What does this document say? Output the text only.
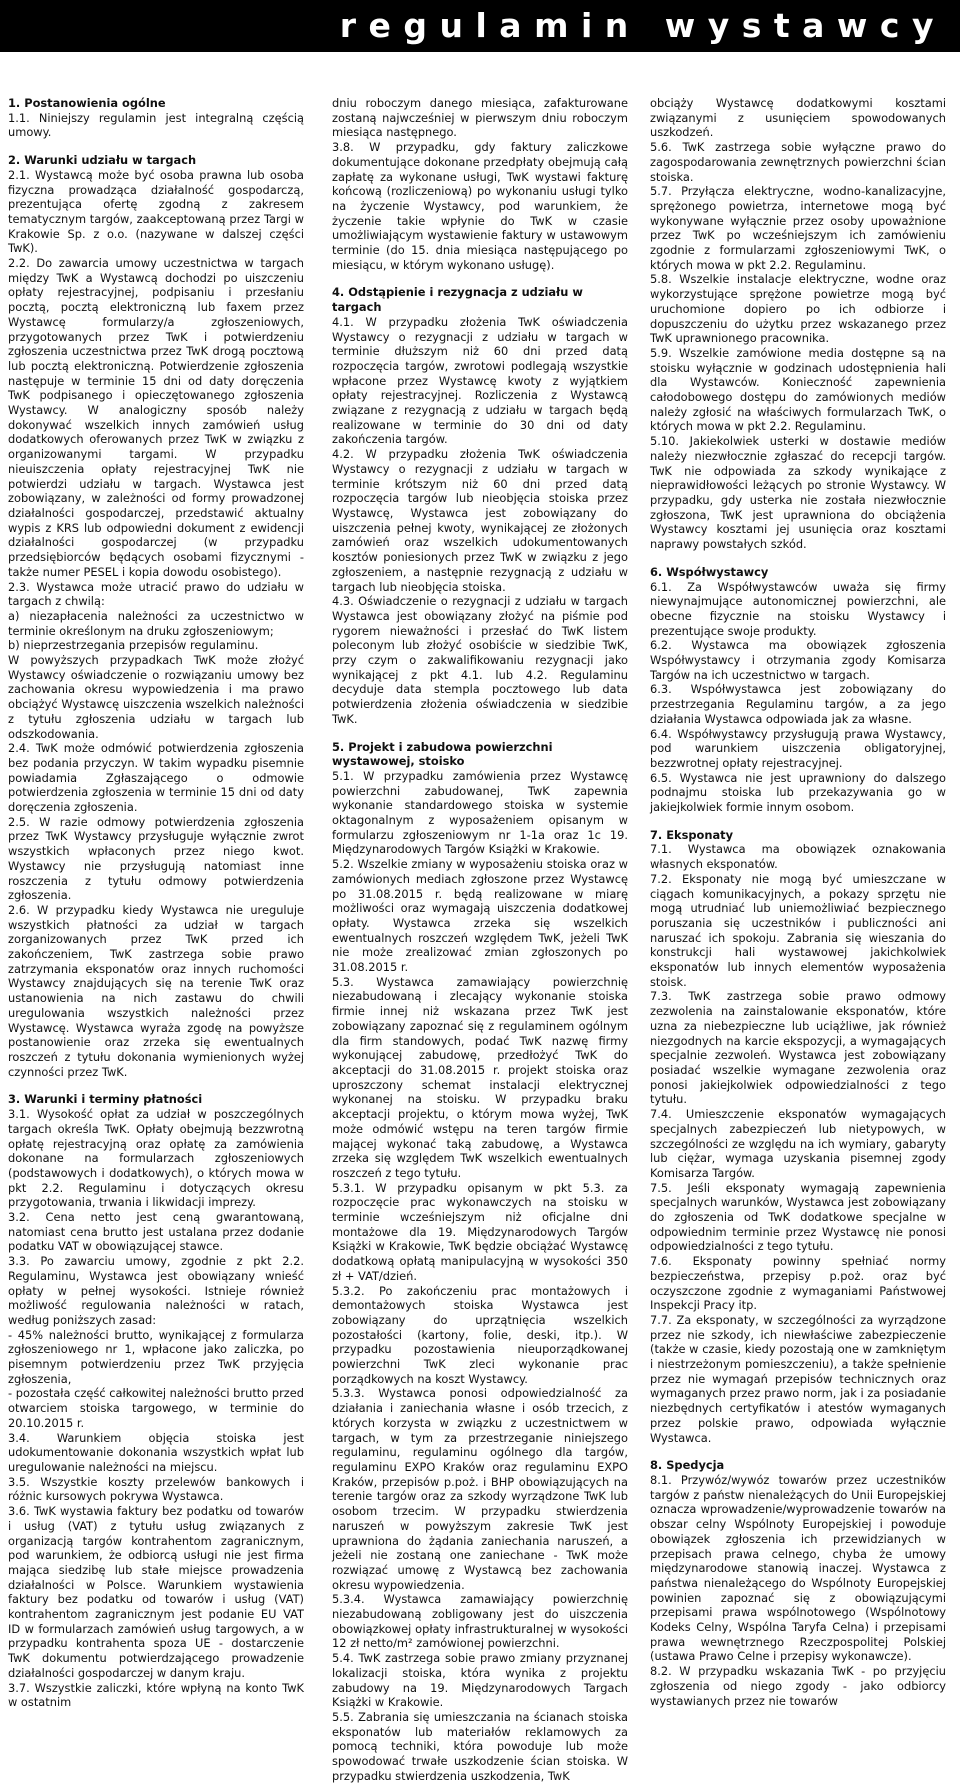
regulamin wystawcy
1. Postanowienia ogólne

1.1. Niniejszy regulamin jest integralną częścią umowy.

2. Warunki udziału w targach

2.1. Wystawcą może być osoba prawna lub osoba fizyczna prowadząca działalność gospodarczą, prezentująca ofertę zgodną z zakresem tematycznym targów, zaakceptowaną przez Targi w Krakowie Sp. z o.o. (nazywane w dalszej części TwK).

2.2. Do zawarcia umowy uczestnictwa w targach między TwK a Wystawcą dochodzi po uiszczeniu opłaty rejestracyjnej, podpisaniu i przesłaniu pocztą, pocztą elektroniczną lub faxem przez Wystawcę formularzy/a zgłoszeniowych, przygotowanych przez TwK i potwierdzeniu zgłoszenia uczestnictwa przez TwK drogą pocztową lub pocztą elektroniczną. Potwierdzenie zgłoszenia następuje w terminie 15 dni od daty doręczenia TwK podpisanego i opieczętowanego zgłoszenia Wystawcy. W analogiczny sposób należy dokonywać wszelkich innych zamówień usług dodatkowych oferowanych przez TwK w związku z organizowanymi targami. W przypadku nieuiszczenia opłaty rejestracyjnej TwK nie potwierdzi udziału w targach. Wystawca jest zobowiązany, w zależności od formy prowadzonej działalności gospodarczej, przedstawić aktualny wypis z KRS lub odpowiedni dokument z ewidencji działalności gospodarczej (w przypadku przedsiębiorców będących osobami fizycznymi - także numer PESEL i kopia dowodu osobistego).

2.3. Wystawca może utracić prawo do udziału w targach z chwilą:

a) niezapłacenia należności za uczestnictwo w terminie określonym na druku zgłoszeniowym;

b) nieprzestrzegania przepisów regulaminu.

W powyższych przypadkach TwK może złożyć Wystawcy oświadczenie o rozwiązaniu umowy bez zachowania okresu wypowiedzenia i ma prawo obciążyć Wystawcę uiszczenia wszelkich należności z tytułu zgłoszenia udziału w targach lub odszkodowania.

2.4. TwK może odmówić potwierdzenia zgłoszenia bez podania przyczyn. W takim wypadku pisemnie powiadamia Zgłaszającego o odmowie potwierdzenia zgłoszenia w terminie 15 dni od daty doręczenia zgłoszenia.

2.5. W razie odmowy potwierdzenia zgłoszenia przez TwK Wystawcy przysługuje wyłącznie zwrot wszystkich wpłaconych przez niego kwot. Wystawcy nie przysługują natomiast inne roszczenia z tytułu odmowy potwierdzenia zgłoszenia.

2.6. W przypadku kiedy Wystawca nie ureguluje wszystkich płatności za udział w targach zorganizowanych przez TwK przed ich zakończeniem, TwK zastrzega sobie prawo zatrzymania eksponatów oraz innych ruchomości Wystawcy znajdujących się na terenie TwK oraz ustanowienia na nich zastawu do chwili uregulowania wszystkich należności przez Wystawcę. Wystawca wyraża zgodę na powyższe postanowienie oraz zrzeka się ewentualnych roszczeń z tytułu dokonania wymienionych wyżej czynności przez TwK.

3. Warunki i terminy płatności

3.1. Wysokość opłat za udział w poszczególnych targach określa TwK. Opłaty obejmują bezzwrotną opłatę rejestracyjną oraz opłatę za zamówienia dokonane na formularzach zgłoszeniowych (podstawowych i dodatkowych), o których mowa w pkt 2.2. Regulaminu i dotyczących okresu przygotowania, trwania i likwidacji imprezy.

3.2. Cena netto jest ceną gwarantowaną, natomiast cena brutto jest ustalana przez dodanie podatku VAT w obowiązującej stawce.

3.3. Po zawarciu umowy, zgodnie z pkt 2.2. Regulaminu, Wystawca jest obowiązany wnieść opłaty w pełnej wysokości. Istnieje również możliwość regulowania należności w ratach, według poniższych zasad:

- 45% należności brutto, wynikającej z formularza zgłoszeniowego nr 1, wpłacone jako zaliczka, po pisemnym potwierdzeniu przez TwK przyjęcia zgłoszenia,

- pozostała część całkowitej należności brutto przed otwarciem stoiska targowego, w terminie do 20.10.2015 r.

3.4. Warunkiem objęcia stoiska jest udokumentowanie dokonania wszystkich wpłat lub uregulowanie należności na miejscu.

3.5. Wszystkie koszty przelewów bankowych i różnic kursowych pokrywa Wystawca.

3.6. TwK wystawia faktury bez podatku od towarów i usług (VAT) z tytułu usług związanych z organizacją targów kontrahentom zagranicznym, pod warunkiem, że odbiorcą usługi nie jest firma mająca siedzibę lub stałe miejsce prowadzenia działalności w Polsce. Warunkiem wystawienia faktury bez podatku od towarów i usług (VAT) kontrahentom zagranicznym jest podanie EU VAT ID w formularzach zamówień usług targowych, a w przypadku kontrahenta spoza UE - dostarczenie TwK dokumentu potwierdzającego prowadzenie działalności gospodarczej w danym kraju.

3.7. Wszystkie zaliczki, które wpłyną na konto TwK w ostatnim

dniu roboczym danego miesiąca, zafakturowane zostaną najwcześniej w pierwszym dniu roboczym miesiąca następnego.

3.8. W przypadku, gdy faktury zaliczkowe dokumentujące dokonane przedpłaty obejmują całą zapłatę za wykonane usługi, TwK wystawi fakturę końcową (rozliczeniową) po wykonaniu usługi tylko na życzenie Wystawcy, pod warunkiem, że życzenie takie wpłynie do TwK w czasie umożliwiającym wystawienie faktury w ustawowym terminie (do 15. dnia miesiąca następującego po miesiącu, w którym wykonano usługę).

4. Odstąpienie i rezygnacja z udziału w targach

4.1. W przypadku złożenia TwK oświadczenia Wystawcy o rezygnacji z udziału w targach w terminie dłuższym niż 60 dni przed datą rozpoczęcia targów, zwrotowi podlegają wszystkie wpłacone przez Wystawcę kwoty z wyjątkiem opłaty rejestracyjnej. Rozliczenia z Wystawcą związane z rezygnacją z udziału w targach będą realizowane w terminie do 30 dni od daty zakończenia targów.

4.2. W przypadku złożenia TwK oświadczenia Wystawcy o rezygnacji z udziału w targach w terminie krótszym niż 60 dni przed datą rozpoczęcia targów lub nieobjęcia stoiska przez Wystawcę, Wystawca jest zobowiązany do uiszczenia pełnej kwoty, wynikającej ze złożonych zamówień oraz wszelkich udokumentowanych kosztów poniesionych przez TwK w związku z jego zgłoszeniem, a następnie rezygnacją z udziału w targach lub nieobjęcia stoiska.

4.3. Oświadczenie o rezygnacji z udziału w targach Wystawca jest obowiązany złożyć na piśmie pod rygorem nieważności i przesłać do TwK listem poleconym lub złożyć osobiście w siedzibie TwK, przy czym o zakwalifikowaniu rezygnacji jako wynikającej z pkt 4.1. lub 4.2. Regulaminu decyduje data stempla pocztowego lub data potwierdzenia złożenia oświadczenia w siedzibie TwK.

5. Projekt i zabudowa powierzchni wystawowej, stoisko

5.1. W przypadku zamówienia przez Wystawcę powierzchni zabudowanej, TwK zapewnia wykonanie standardowego stoiska w systemie oktagonalnym z wyposażeniem opisanym w formularzu zgłoszeniowym nr 1-1a oraz 1c 19. Międzynarodowych Targów Książki w Krakowie.

5.2. Wszelkie zmiany w wyposażeniu stoiska oraz w zamówionych mediach zgłoszone przez Wystawcę po 31.08.2015 r. będą realizowane w miarę możliwości oraz wymagają uiszczenia dodatkowej opłaty. Wystawca zrzeka się wszelkich ewentualnych roszczeń względem TwK, jeżeli TwK nie może zrealizować zmian zgłoszonych po 31.08.2015 r.

5.3. Wystawca zamawiający powierzchnię niezabudowaną i zlecający wykonanie stoiska firmie innej niż wskazana przez TwK jest zobowiązany zapoznać się z regulaminem ogólnym dla firm standowych, podać TwK nazwę firmy wykonującej zabudowę, przedłożyć TwK do akceptacji do 31.08.2015 r. projekt stoiska oraz uproszczony schemat instalacji elektrycznej wykonanej na stoisku. W przypadku braku akceptacji projektu, o którym mowa wyżej, TwK może odmówić wstępu na teren targów firmie mającej wykonać taką zabudowę, a Wystawca zrzeka się względem TwK wszelkich ewentualnych roszczeń z tego tytułu.

5.3.1. W przypadku opisanym w pkt 5.3. za rozpoczęcie prac wykonawczych na stoisku w terminie wcześniejszym niż oficjalne dni montażowe dla 19. Międzynarodowych Targów Książki w Krakowie, TwK będzie obciążać Wystawcę dodatkową opłatą manipulacyjną w wysokości 350 zł + VAT/dzień.

5.3.2. Po zakończeniu prac montażowych i demontażowych stoiska Wystawca jest zobowiązany do uprzątnięcia wszelkich pozostałości (kartony, folie, deski, itp.). W przypadku pozostawienia nieuporządkowanej powierzchni TwK zleci wykonanie prac porządkowych na koszt Wystawcy.

5.3.3. Wystawca ponosi odpowiedzialność za działania i zaniechania własne i osób trzecich, z których korzysta w związku z uczestnictwem w targach, w tym za przestrzeganie niniejszego regulaminu, regulaminu ogólnego dla targów, regulaminu EXPO Kraków oraz regulaminu EXPO Kraków, przepisów p.poż. i BHP obowiązujących na terenie targów oraz za szkody wyrządzone TwK lub osobom trzecim. W przypadku stwierdzenia naruszeń w powyższym zakresie TwK jest uprawniona do żądania zaniechania naruszeń, a jeżeli nie zostaną one zaniechane - TwK może rozwiązać umowę z Wystawcą bez zachowania okresu wypowiedzenia.

5.3.4. Wystawca zamawiający powierzchnię niezabudowaną zobligowany jest do uiszczenia obowiązkowej opłaty infrastrukturalnej w wysokości 12 zł netto/m² zamówionej powierzchni.

5.4. TwK zastrzega sobie prawo zmiany przyznanej lokalizacji stoiska, która wynika z projektu zabudowy na 19. Międzynarodowych Targach Książki w Krakowie.

5.5. Zabrania się umieszczania na ścianach stoiska eksponatów lub materiałów reklamowych za pomocą techniki, która powoduje lub może spowodować trwałe uszkodzenie ścian stoiska. W przypadku stwierdzenia uszkodzenia, TwK

obciąży Wystawcę dodatkowymi kosztami związanymi z usunięciem spowodowanych uszkodzeń.

5.6. TwK zastrzega sobie wyłączne prawo do zagospodarowania zewnętrznych powierzchni ścian stoiska.

5.7. Przyłącza elektryczne, wodno-kanalizacyjne, sprężonego powietrza, internetowe mogą być wykonywane wyłącznie przez osoby upoważnione przez TwK po wcześniejszym ich zamówieniu zgodnie z formularzami zgłoszeniowymi TwK, o których mowa w pkt 2.2. Regulaminu.

5.8. Wszelkie instalacje elektryczne, wodne oraz wykorzystujące sprężone powietrze mogą być uruchomione dopiero po ich odbiorze i dopuszczeniu do użytku przez wskazanego przez TwK uprawnionego pracownika.

5.9. Wszelkie zamówione media dostępne są na stoisku wyłącznie w godzinach udostępnienia hali dla Wystawców. Konieczność zapewnienia całodobowego dostępu do zamówionych mediów należy zgłosić na właściwych formularzach TwK, o których mowa w pkt 2.2. Regulaminu.

5.10. Jakiekolwiek usterki w dostawie mediów należy niezwłocznie zgłaszać do recepcji targów. TwK nie odpowiada za szkody wynikające z nieprawidłowości leżących po stronie Wystawcy. W przypadku, gdy usterka nie została niezwłocznie zgłoszona, TwK jest uprawniona do obciążenia Wystawcy kosztami jej usunięcia oraz kosztami naprawy powstałych szkód.

6. Współwystawcy

6.1. Za Współwystawców uważa się firmy niewynajmujące autonomicznej powierzchni, ale obecne fizycznie na stoisku Wystawcy i prezentujące swoje produkty.

6.2. Wystawca ma obowiązek zgłoszenia Współwystawcy i otrzymania zgody Komisarza Targów na ich uczestnictwo w targach.

6.3. Współwystawca jest zobowiązany do przestrzegania Regulaminu targów, a za jego działania Wystawca odpowiada jak za własne.

6.4. Współwystawcy przysługują prawa Wystawcy, pod warunkiem uiszczenia obligatoryjnej, bezzwrotnej opłaty rejestracyjnej.

6.5. Wystawca nie jest uprawniony do dalszego podnajmu stoiska lub przekazywania go w jakiejkolwiek formie innym osobom.

7. Eksponaty

7.1. Wystawca ma obowiązek oznakowania własnych eksponatów.

7.2. Eksponaty nie mogą być umieszczane w ciągach komunikacyjnych, a pokazy sprzętu nie mogą utrudniać lub uniemożliwiać bezpiecznego poruszania się uczestników i publiczności ani naruszać ich spokoju. Zabrania się wieszania do konstrukcji hali wystawowej jakichkolwiek eksponatów lub innych elementów wyposażenia stoisk.

7.3. TwK zastrzega sobie prawo odmowy zezwolenia na zainstalowanie eksponatów, które uzna za niebezpieczne lub uciążliwe, jak również niezgodnych na karcie ekspozycji, a wymagających specjalnie zezwoleń. Wystawca jest zobowiązany posiadać wszelkie wymagane zezwolenia oraz ponosi jakiejkolwiek odpowiedzialności z tego tytułu.

7.4. Umieszczenie eksponatów wymagających specjalnych zabezpieczeń lub nietypowych, w szczególności ze względu na ich wymiary, gabaryty lub ciężar, wymaga uzyskania pisemnej zgody Komisarza Targów.

7.5. Jeśli eksponaty wymagają zapewnienia specjalnych warunków, Wystawca jest zobowiązany do zgłoszenia od TwK dodatkowe specjalne w odpowiednim terminie przez Wystawcę nie ponosi odpowiedzialności z tego tytułu.

7.6. Eksponaty powinny spełniać normy bezpieczeństwa, przepisy p.poż. oraz być oczyszczone zgodnie z wymaganiami Państwowej Inspekcji Pracy itp.

7.7. Za eksponaty, w szczególności za wyrządzone przez nie szkody, ich niewłaściwe zabezpieczenie (także w czasie, kiedy pozostają one w zamkniętym i niestrzeżonym pomieszczeniu), a także spełnienie przez nie wymagań przepisów technicznych oraz wymaganych przez prawo norm, jak i za posiadanie niezbędnych certyfikatów i atestów wymaganych przez polskie prawo, odpowiada wyłącznie Wystawca.

8. Spedycja

8.1. Przywóz/wywóz towarów przez uczestników targów z państw nienależących do Unii Europejskiej oznacza wprowadzenie/wyprowadzenie towarów na obszar celny Wspólnoty Europejskiej i powoduje obowiązek zgłoszenia ich przewidzianych w przepisach prawa celnego, chyba że umowy międzynarodowe stanowią inaczej. Wystawca z państwa nienależącego do Wspólnoty Europejskiej powinien zapoznać się z obowiązującymi przepisami prawa wspólnotowego (Wspólnotowy Kodeks Celny, Wspólna Taryfa Celna) i przepisami prawa wewnętrznego Rzeczpospolitej Polskiej (ustawa Prawo Celne i przepisy wykonawcze).

8.2. W przypadku wskazania TwK - po przyjęciu zgłoszenia od niego zgody - jako odbiorcy wystawianych przez nie towarów
